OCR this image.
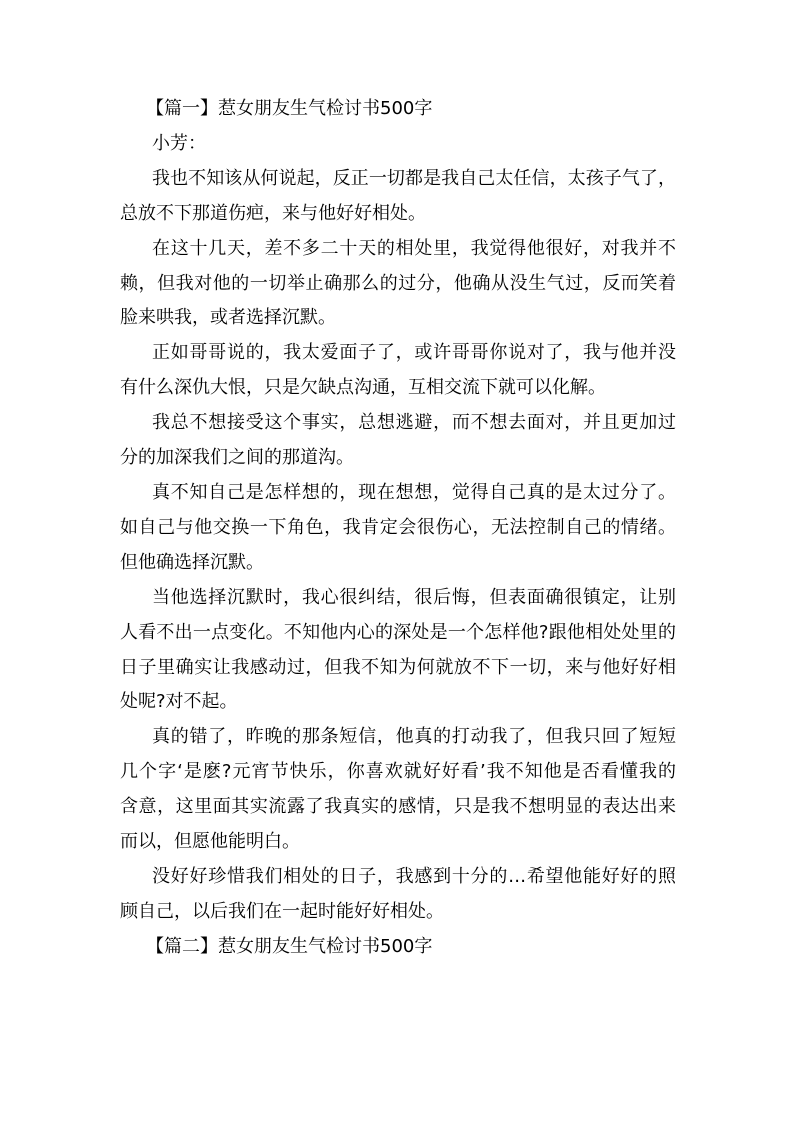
【篇一】惹女朋友生气检讨书500字
小芳：
我也不知该从何说起，反正一切都是我自己太任信，太孩子气了，
总放不下那道伤疤，来与他好好相处。
在这十几天，差不多二十天的相处里，我觉得他很好，对我并不
赖，但我对他的一切举止确那么的过分，他确从没生气过，反而笑着
脸来哄我，或者选择沉默。
正如哥哥说的，我太爱面子了，或许哥哥你说对了，我与他并没
有什么深仇大恨，只是欠缺点沟通，互相交流下就可以化解。
我总不想接受这个事实，总想逃避，而不想去面对，并且更加过
分的加深我们之间的那道沟。
真不知自己是怎样想的，现在想想，觉得自己真的是太过分了。
如自己与他交换一下角色，我肯定会很伤心，无法控制自己的情绪。
但他确选择沉默。
当他选择沉默时，我心很纠结，很后悔，但表面确很镇定，让别
人看不出一点变化。不知他内心的深处是一个怎样他?跟他相处处里的
日子里确实让我感动过，但我不知为何就放不下一切，来与他好好相
处呢?对不起。
真的错了，昨晚的那条短信，他真的打动我了，但我只回了短短
几个字‘是麽?元宵节快乐，你喜欢就好好看’我不知他是否看懂我的
含意，这里面其实流露了我真实的感情，只是我不想明显的表达出来
而以，但愿他能明白。
没好好珍惜我们相处的日子，我感到十分的…希望他能好好的照
顾自己，以后我们在一起时能好好相处。
【篇二】惹女朋友生气检讨书500字
